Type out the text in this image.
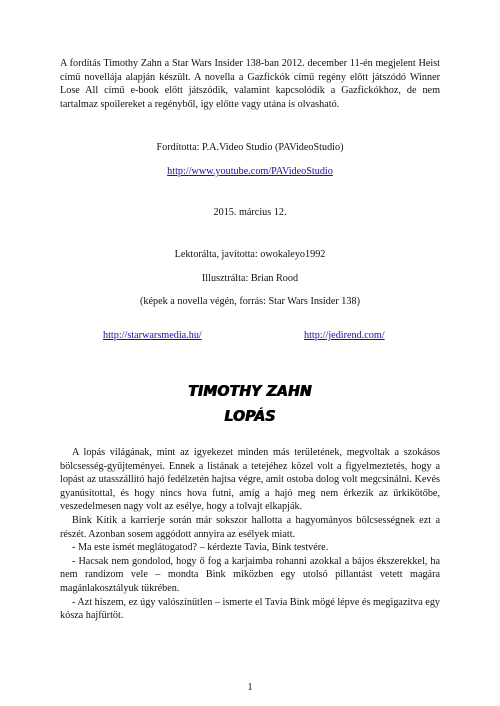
A fordítás Timothy Zahn a Star Wars Insider 138-ban 2012. december 11-én megjelent Heist című novellája alapján készült. A novella a Gazfickók című regény előtt játszódó Winner Lose All című e-book előtt játszódik, valamint kapcsolódik a Gazfickókhoz, de nem tartalmaz spoilereket a regényből, így előtte vagy utána is olvasható.

Fordította: P.A.Video Studio (PAVideoStudio)

http://www.youtube.com/PAVideoStudio

2015. március 12.

Lektorálta, javította: owokaleyo1992

Illusztrálta: Brian Rood

(képek a novella végén, forrás: Star Wars Insider 138)

http://starwarsmedia.hu/	http://jedirend.com/

TIMOTHY ZAHN

LOPÁS

A lopás világának, mint az igyekezet minden más területének, megvoltak a szokásos bölcsesség-gyűjteményei. Ennek a listának a tetejéhez közel volt a figyelmeztetés, hogy a lopást az utasszállító hajó fedélzetén hajtsa végre, amit ostoba dolog volt megcsinálni. Kevés gyanúsítottal, és hogy nincs hova futni, amíg a hajó meg nem érkezik az űrkikötőbe, veszedelmesen nagy volt az esélye, hogy a tolvajt elkapják.

Bink Kitik a karrierje során már sokszor hallotta a hagyományos bölcsességnek ezt a részét. Azonban sosem aggódott annyira az esélyek miatt.

- Ma este ismét meglátogatod? – kérdezte Tavia, Bink testvére.

- Hacsak nem gondolod, hogy ő fog a karjaimba rohanni azokkal a bájos ékszerekkel, ha nem randizom vele – mondta Bink miközben egy utolsó pillantást vetett magára magánlakosztályuk tükrében.

- Azt hiszem, ez úgy valószínűtlen – ismerte el Tavia Bink mögé lépve és megigazítva egy kósza hajfürtöt.

1
